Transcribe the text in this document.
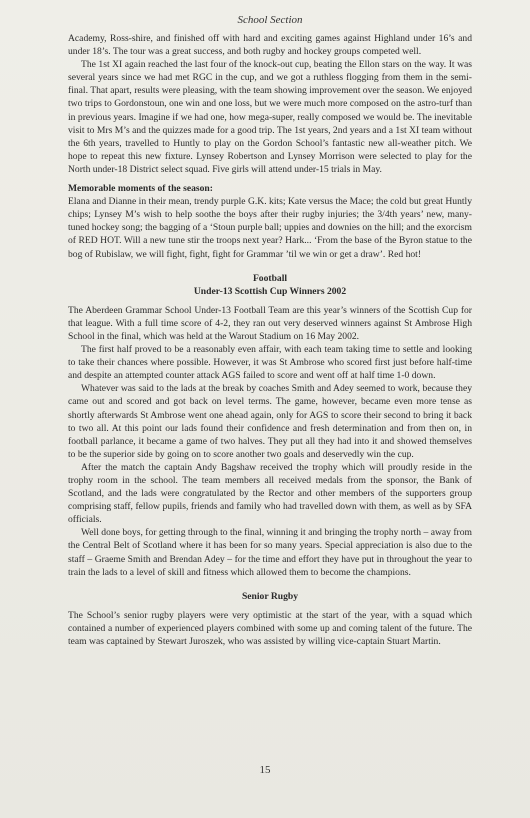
School Section

Academy, Ross-shire, and finished off with hard and exciting games against Highland under 16’s and under 18’s. The tour was a great success, and both rugby and hockey groups competed well.

The 1st XI again reached the last four of the knock-out cup, beating the Ellon stars on the way. It was several years since we had met RGC in the cup, and we got a ruthless flogging from them in the semi-final. That apart, results were pleasing, with the team showing improvement over the season. We enjoyed two trips to Gordonstoun, one win and one loss, but we were much more composed on the astro-turf than in previous years. Imagine if we had one, how mega-super, really composed we would be. The inevitable visit to Mrs M’s and the quizzes made for a good trip. The 1st years, 2nd years and a 1st XI team without the 6th years, travelled to Huntly to play on the Gordon School’s fantastic new all-weather pitch. We hope to repeat this new fixture. Lynsey Robertson and Lynsey Morrison were selected to play for the North under-18 District select squad. Five girls will attend under-15 trials in May.

Memorable moments of the season:

Elana and Dianne in their mean, trendy purple G.K. kits; Kate versus the Mace; the cold but great Huntly chips; Lynsey M’s wish to help soothe the boys after their rugby injuries; the 3/4th years’ new, many-tuned hockey song; the bagging of a ‘Stoun purple ball; uppies and downies on the hill; and the exorcism of RED HOT. Will a new tune stir the troops next year? Hark... ‘From the base of the Byron statue to the bog of Rubislaw, we will fight, fight, fight for Grammar ’til we win or get a draw’. Red hot!

Football
Under-13 Scottish Cup Winners 2002

The Aberdeen Grammar School Under-13 Football Team are this year’s winners of the Scottish Cup for that league. With a full time score of 4-2, they ran out very deserved winners against St Ambrose High School in the final, which was held at the Warout Stadium on 16 May 2002.

The first half proved to be a reasonably even affair, with each team taking time to settle and looking to take their chances where possible. However, it was St Ambrose who scored first just before half-time and despite an attempted counter attack AGS failed to score and went off at half time 1-0 down.

Whatever was said to the lads at the break by coaches Smith and Adey seemed to work, because they came out and scored and got back on level terms. The game, however, became even more tense as shortly afterwards St Ambrose went one ahead again, only for AGS to score their second to bring it back to two all. At this point our lads found their confidence and fresh determination and from then on, in football parlance, it became a game of two halves. They put all they had into it and showed themselves to be the superior side by going on to score another two goals and deservedly win the cup.

After the match the captain Andy Bagshaw received the trophy which will proudly reside in the trophy room in the school. The team members all received medals from the sponsor, the Bank of Scotland, and the lads were congratulated by the Rector and other members of the supporters group comprising staff, fellow pupils, friends and family who had travelled down with them, as well as by SFA officials.

Well done boys, for getting through to the final, winning it and bringing the trophy north – away from the Central Belt of Scotland where it has been for so many years. Special appreciation is also due to the staff – Graeme Smith and Brendan Adey – for the time and effort they have put in throughout the year to train the lads to a level of skill and fitness which allowed them to become the champions.

Senior Rugby

The School’s senior rugby players were very optimistic at the start of the year, with a squad which contained a number of experienced players combined with some up and coming talent of the future. The team was captained by Stewart Juroszek, who was assisted by willing vice-captain Stuart Martin.

15
